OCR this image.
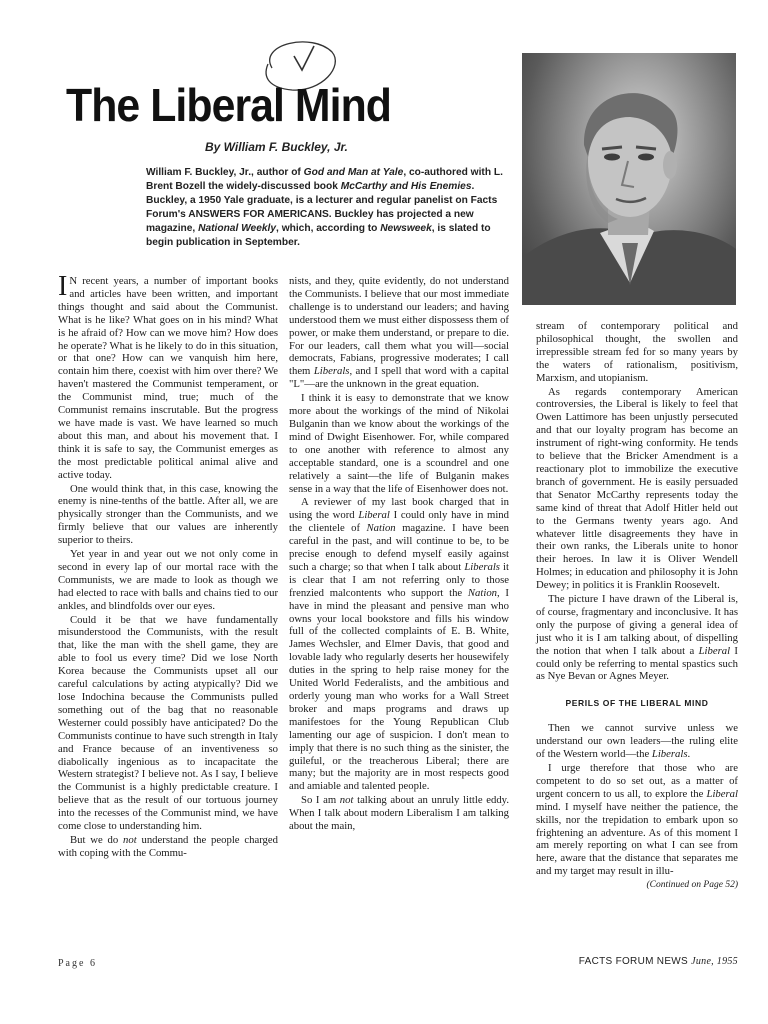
The Liberal Mind
By William F. Buckley, Jr.
William F. Buckley, Jr., author of God and Man at Yale, co-authored with L. Brent Bozell the widely-discussed book McCarthy and His Enemies. Buckley, a 1950 Yale graduate, is a lecturer and regular panelist on Facts Forum's ANSWERS FOR AMERICANS. Buckley has projected a new magazine, National Weekly, which, according to Newsweek, is slated to begin publication in September.

I N recent years, a number of important books and articles have been written, and important things thought and said about the Communist. What is he like? What goes on in his mind? What is he afraid of? How can we move him? How does he operate? What is he likely to do in this situation, or that one? How can we vanquish him here, contain him there, coexist with him over there? We haven't mastered the Communist temperament, or the Communist mind, true; much of the Communist remains inscrutable. But the progress we have made is vast. We have learned so much about this man, and about his movement that. I think it is safe to say, the Communist emerges as the most predictable political animal alive and active today.

One would think that, in this case, knowing the enemy is nine-tenths of the battle. After all, we are physically stronger than the Communists, and we firmly believe that our values are inherently superior to theirs.

Yet year in and year out we not only come in second in every lap of our mortal race with the Communists, we are made to look as though we had elected to race with balls and chains tied to our ankles, and blindfolds over our eyes.

Could it be that we have fundamentally misunderstood the Communists, with the result that, like the man with the shell game, they are able to fool us every time? Did we lose North Korea because the Communists upset all our careful calculations by acting atypically? Did we lose Indochina because the Communists pulled something out of the bag that no reasonable Westerner could possibly have anticipated? Do the Communists continue to have such strength in Italy and France because of an inventiveness so diabolically ingenious as to incapacitate the Western strategist? I believe not. As I say, I believe the Communist is a highly predictable creature. I believe that as the result of our tortuous journey into the recesses of the Communist mind, we have come close to understanding him.

But we do not understand the people charged with coping with the Commu-

nists, and they, quite evidently, do not understand the Communists. I believe that our most immediate challenge is to understand our leaders; and having understood them we must either dispossess them of power, or make them understand, or prepare to die. For our leaders, call them what you will—social democrats, Fabians, progressive moderates; I call them Liberals, and I spell that word with a capital "L"—are the unknown in the great equation.

I think it is easy to demonstrate that we know more about the workings of the mind of Nikolai Bulganin than we know about the workings of the mind of Dwight Eisenhower. For, while compared to one another with reference to almost any acceptable standard, one is a scoundrel and one relatively a saint—the life of Bulganin makes sense in a way that the life of Eisenhower does not.

A reviewer of my last book charged that in using the word Liberal I could only have in mind the clientele of Nation magazine. I have been careful in the past, and will continue to be, to be precise enough to defend myself easily against such a charge; so that when I talk about Liberals it is clear that I am not referring only to those frenzied malcontents who support the Nation, I have in mind the pleasant and pensive man who owns your local bookstore and fills his window full of the collected complaints of E. B. White, James Wechsler, and Elmer Davis, that good and lovable lady who regularly deserts her housewifely duties in the spring to help raise money for the United World Federalists, and the ambitious and orderly young man who works for a Wall Street broker and maps programs and draws up manifestoes for the Young Republican Club lamenting our age of suspicion. I don't mean to imply that there is no such thing as the sinister, the guileful, or the treacherous Liberal; there are many; but the majority are in most respects good and amiable and talented people.

So I am not talking about an unruly little eddy. When I talk about modern Liberalism I am talking about the main,

stream of contemporary political and philosophical thought, the swollen and irrepressible stream fed for so many years by the waters of rationalism, positivism, Marxism, and utopianism.

As regards contemporary American controversies, the Liberal is likely to feel that Owen Lattimore has been unjustly persecuted and that our loyalty program has become an instrument of right-wing conformity. He tends to believe that the Bricker Amendment is a reactionary plot to immobilize the executive branch of government. He is easily persuaded that Senator McCarthy represents today the same kind of threat that Adolf Hitler held out to the Germans twenty years ago. And whatever little disagreements they have in their own ranks, the Liberals unite to honor their heroes. In law it is Oliver Wendell Holmes; in education and philosophy it is John Dewey; in politics it is Franklin Roosevelt.

The picture I have drawn of the Liberal is, of course, fragmentary and inconclusive. It has only the purpose of giving a general idea of just who it is I am talking about, of dispelling the notion that when I talk about a Liberal I could only be referring to mental spastics such as Nye Bevan or Agnes Meyer.

PERILS OF THE LIBERAL MIND

Then we cannot survive unless we understand our own leaders—the ruling elite of the Western world—the Liberals.

I urge therefore that those who are competent to do so set out, as a matter of urgent concern to us all, to explore the Liberal mind. I myself have neither the patience, the skills, nor the trepidation to embark upon so frightening an adventure. As of this moment I am merely reporting on what I can see from here, aware that the distance that separates me and my target may result in illu-

(Continued on Page 52)
Page 6	FACTS FORUM NEWS June, 1955
